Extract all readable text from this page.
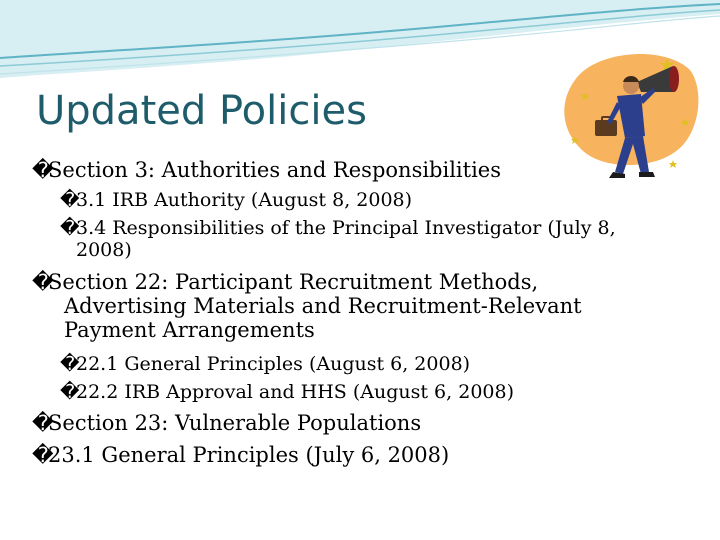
Updated Policies
�Section 3: Authorities and Responsibilities
�3.1 IRB Authority (August 8, 2008)
�3.4 Responsibilities of the Principal Investigator (July 8,
2008)
�Section 22: Participant Recruitment Methods,
Advertising Materials and Recruitment-Relevant
Payment Arrangements
�22.1 General Principles (August 6, 2008)
�22.2 IRB Approval and HHS (August 6, 2008)
�Section 23: Vulnerable Populations
�23.1 General Principles (July 6, 2008)
